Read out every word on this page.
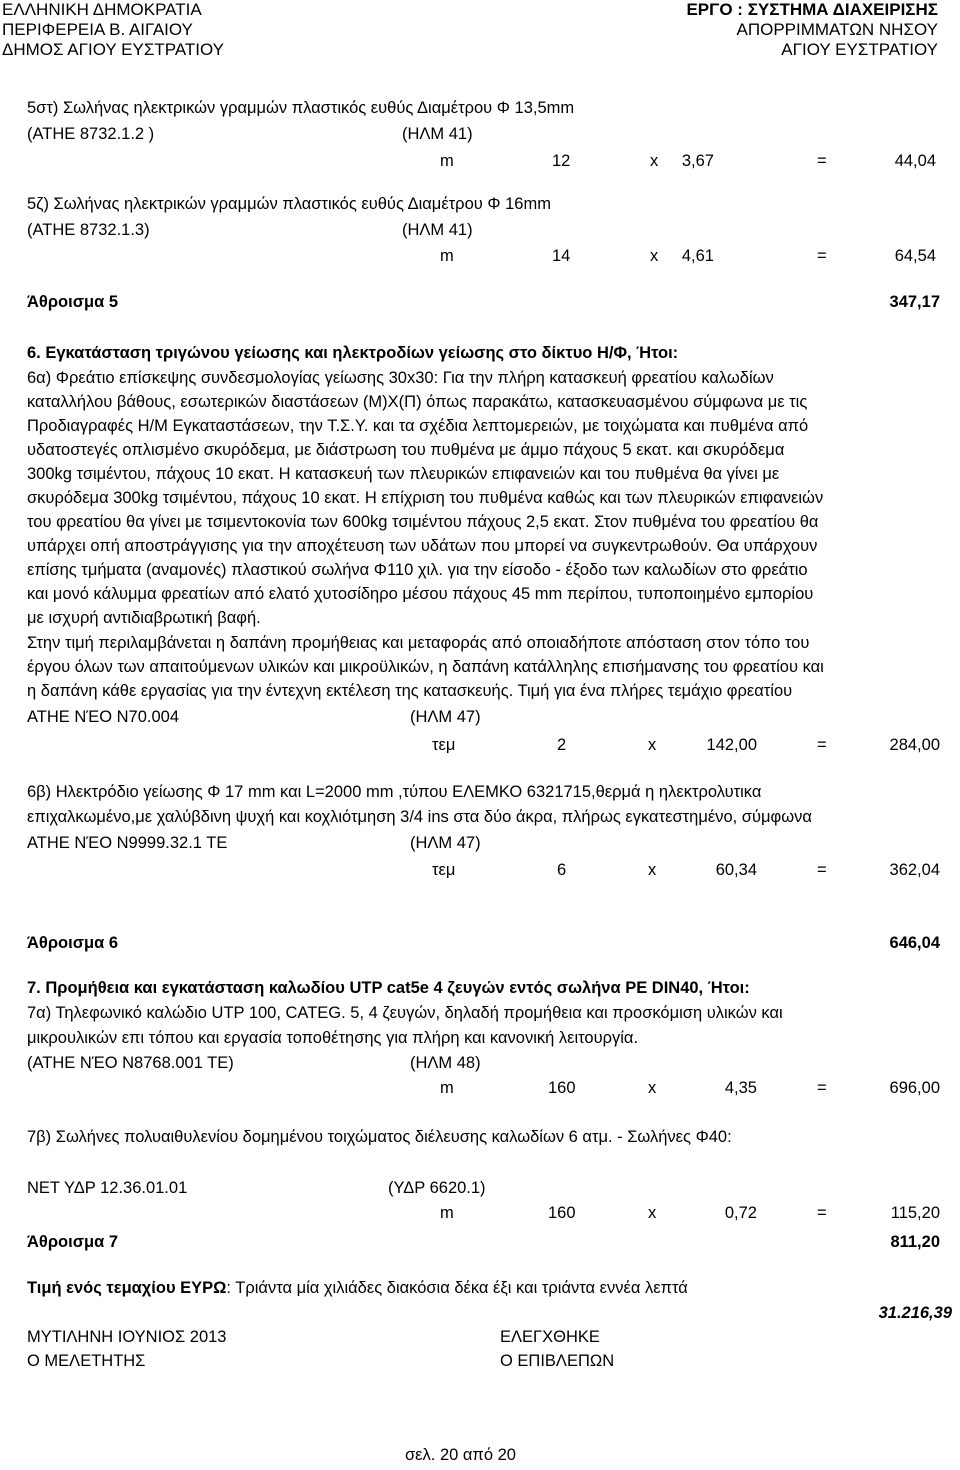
ΕΛΛΗΝΙΚΗ ΔΗΜΟΚΡΑΤΙΑ
ΠΕΡΙΦΕΡΕΙΑ Β. ΑΙΓΑΙΟΥ
ΔΗΜΟΣ ΑΓΙΟΥ ΕΥΣΤΡΑΤΙΟΥ
ΕΡΓΟ : ΣΥΣΤΗΜΑ ΔΙΑΧΕΙΡΙΣΗΣ
ΑΠΟΡΡΙΜΜΑΤΩΝ ΝΗΣΟΥ
ΑΓΙΟΥ ΕΥΣΤΡΑΤΙΟΥ
5στ) Σωλήνας ηλεκτρικών γραμμών πλαστικός ευθύς Διαμέτρου Φ 13,5mm
(ΑΤΗΕ 8732.1.2 )	(ΗΛΜ 41)
m	12	x 3,67	=	44,04
5ζ) Σωλήνας ηλεκτρικών γραμμών πλαστικός ευθύς Διαμέτρου Φ 16mm
(ΑΤΗΕ 8732.1.3)	(ΗΛΜ 41)
m	14	x 4,61	=	64,54
Άθροισμα 5	347,17
6. Εγκατάσταση τριγώνου γείωσης και ηλεκτροδίων γείωσης στο δίκτυο Η/Φ, Ήτοι:
6α) Φρεάτιο επίσκεψης συνδεσμολογίας γείωσης 30x30: Για την πλήρη κατασκευή φρεατίου καλωδίων
καταλλήλου βάθους, εσωτερικών διαστάσεων (Μ)Χ(Π) όπως παρακάτω, κατασκευασμένου σύμφωνα με τις
Προδιαγραφές Η/Μ Εγκαταστάσεων, την Τ.Σ.Υ. και τα σχέδια λεπτομερειών, με τοιχώματα και πυθμένα από
υδατοστεγές οπλισμένο σκυρόδεμα, με διάστρωση του πυθμένα με άμμο πάχους 5 εκατ. και σκυρόδεμα
300kg τσιμέντου, πάχους 10 εκατ. Η κατασκευή των πλευρικών επιφανειών και του πυθμένα θα γίνει με
σκυρόδεμα 300kg τσιμέντου, πάχους 10 εκατ. Η επίχριση του πυθμένα καθώς και των πλευρικών επιφανειών
του φρεατίου θα γίνει με τσιμεντοκονία των 600kg τσιμέντου πάχους 2,5 εκατ. Στον πυθμένα του φρεατίου θα
υπάρχει οπή αποστράγγισης για την αποχέτευση των υδάτων που μπορεί να συγκεντρωθούν. Θα υπάρχουν
επίσης τμήματα (αναμονές) πλαστικού σωλήνα Φ110 χιλ. για την είσοδο - έξοδο των καλωδίων στο φρεάτιο
και μονό κάλυμμα φρεατίων από ελατό χυτοσίδηρο μέσου πάχους 45 mm περίπου, τυποποιημένο εμπορίου
με ισχυρή αντιδιαβρωτική βαφή.
Στην τιμή περιλαμβάνεται η δαπάνη προμήθειας και μεταφοράς από οποιαδήποτε απόσταση στον τόπο του
έργου όλων των απαιτούμενων υλικών και μικροϋλικών, η δαπάνη κατάλληλης επισήμανσης του φρεατίου και
η δαπάνη κάθε εργασίας για την έντεχνη εκτέλεση της κατασκευής. Τιμή για ένα πλήρες τεμάχιο φρεατίου
ΑΤΗΕ ΝΈΟ Ν70.004	(ΗΛΜ 47)
τεμ	2	x	142,00	=	284,00
6β) Ηλεκτρόδιο γείωσης Φ 17 mm και L=2000 mm ,τύπου ΕΛΕΜΚΟ 6321715,θερμά η ηλεκτρολυτικα
επιχαλκωμένο,με χαλύβδινη ψυχή και κοχλιότμηση 3/4 ins στα δύο άκρα, πλήρως εγκατεστημένο, σύμφωνα
ΑΤΗΕ ΝΈΟ Ν9999.32.1 ΤΕ	(ΗΛΜ 47)
τεμ	6	x	60,34	=	362,04
Άθροισμα 6	646,04
7. Προμήθεια και εγκατάσταση καλωδίου UTP cat5e 4 ζευγών εντός σωλήνα PE DIN40, Ήτοι:
7α) Τηλεφωνικό καλώδιο UTP 100, CATEG. 5, 4 ζευγών, δηλαδή προμήθεια και προσκόμιση υλικών και
μικρουλικών επι τόπου και εργασία τοποθέτησης για πλήρη και κανονική λειτουργία.
(ΑΤΗΕ ΝΈΟ Ν8768.001 ΤΕ)	(ΗΛΜ 48)
m	160	x	4,35	=	696,00
7β) Σωλήνες πολυαιθυλενίου δομημένου τοιχώματος διέλευσης καλωδίων 6 ατμ. - Σωλήνες Φ40:
ΝΕΤ ΥΔΡ 12.36.01.01	(ΥΔΡ 6620.1)
m	160	x	0,72	=	115,20
Άθροισμα 7	811,20
Τιμή ενός τεμαχίου ΕΥΡΩ: Τριάντα μία χιλιάδες διακόσια δέκα έξι και τριάντα εννέα λεπτά
31.216,39
ΜΥΤΙΛΗΝΗ ΙΟΥΝΙΟΣ 2013
Ο ΜΕΛΕΤΗΤΗΣ
ΕΛΕΓΧΘΗΚΕ
Ο ΕΠΙΒΛΕΠΩΝ
σελ. 20 από 20
